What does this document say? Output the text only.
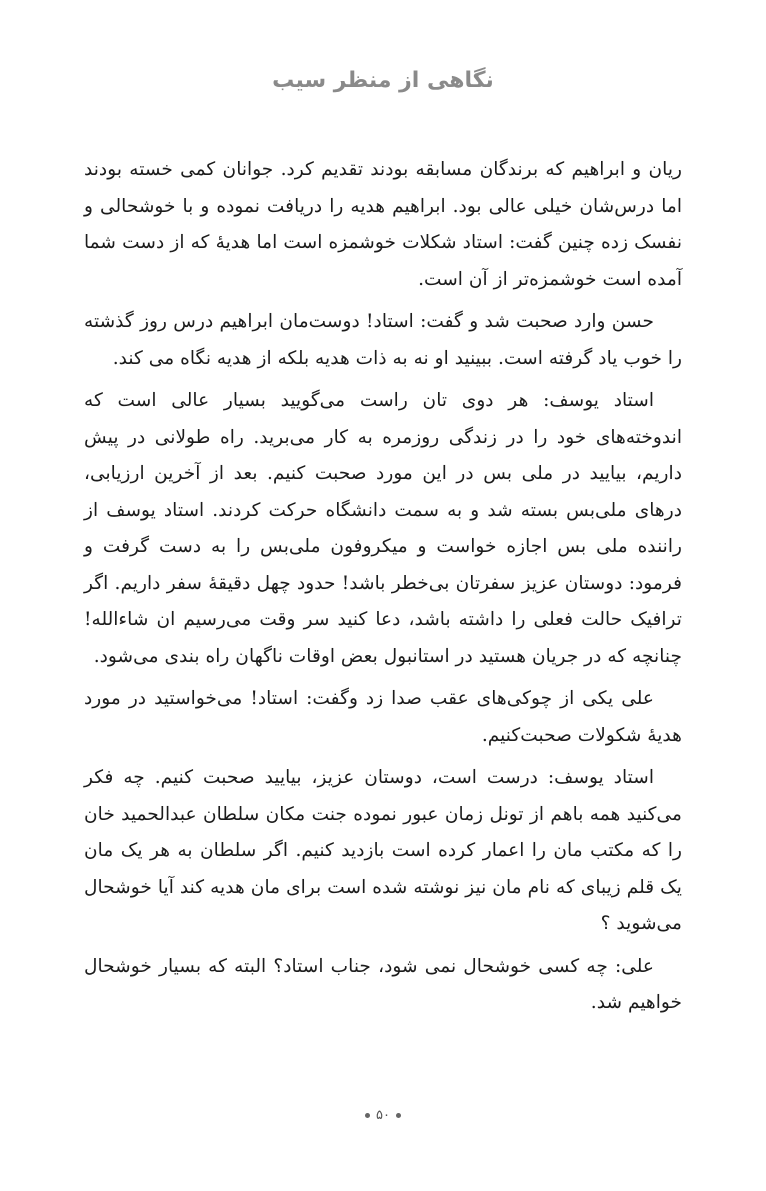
نگاهی از منظر سیب

ریان و ابراهیم که برندگان مسابقه بودند تقدیم کرد. جوانان کمی خسته بودند اما درس‌شان خیلی عالی بود. ابراهیم هدیه را دریافت نموده و با خوشحالی و نفسک زده چنین گفت: استاد شکلات خوشمزه است اما هدیهٔ که از دست شما آمده است خوشمزه‌تر از آن است.

حسن وارد صحبت شد و گفت: استاد! دوست‌مان ابراهیم درس روز گذشته را خوب یاد گرفته است. ببینید او نه به ذات هدیه بلکه از هدیه نگاه می کند.

استاد یوسف: هر دوی تان راست می‌گویید بسیار عالی است که اندوخته‌های خود را در زندگی روزمره به کار می‌برید. راه طولانی در پیش داریم، بیایید در ملی بس در این مورد صحبت کنیم. بعد از آخرین ارزیابی، درهای ملی‌بس بسته شد و به سمت دانشگاه حرکت کردند. استاد یوسف از راننده ملی بس اجازه خواست و میکروفون ملی‌بس را به دست گرفت و فرمود: دوستان عزیز سفرتان بی‌خطر باشد! حدود چهل دقیقهٔ سفر داریم. اگر ترافیک حالت فعلی را داشته باشد، دعا کنید سر وقت می‌رسیم ان شاءالله! چنانچه که در جریان هستید در استانبول بعض اوقات ناگهان راه بندی می‌شود.

علی یکی از چوکی‌های عقب صدا زد وگفت: استاد! می‌خواستید در مورد هدیهٔ شکولات صحبت‌کنیم.

استاد یوسف: درست است، دوستان عزیز، بیایید صحبت کنیم. چه فکر می‌کنید همه باهم از تونل زمان عبور نموده جنت مکان سلطان عبدالحمید خان را که مکتب مان را اعمار کرده است بازدید کنیم. اگر سلطان به هر یک مان یک قلم زیبای که نام مان نیز نوشته شده است برای مان هدیه کند آیا خوشحال می‌شوید ؟

علی: چه کسی خوشحال نمی شود، جناب استاد؟ البته که بسیار خوشحال خواهیم شد.

۵۰
